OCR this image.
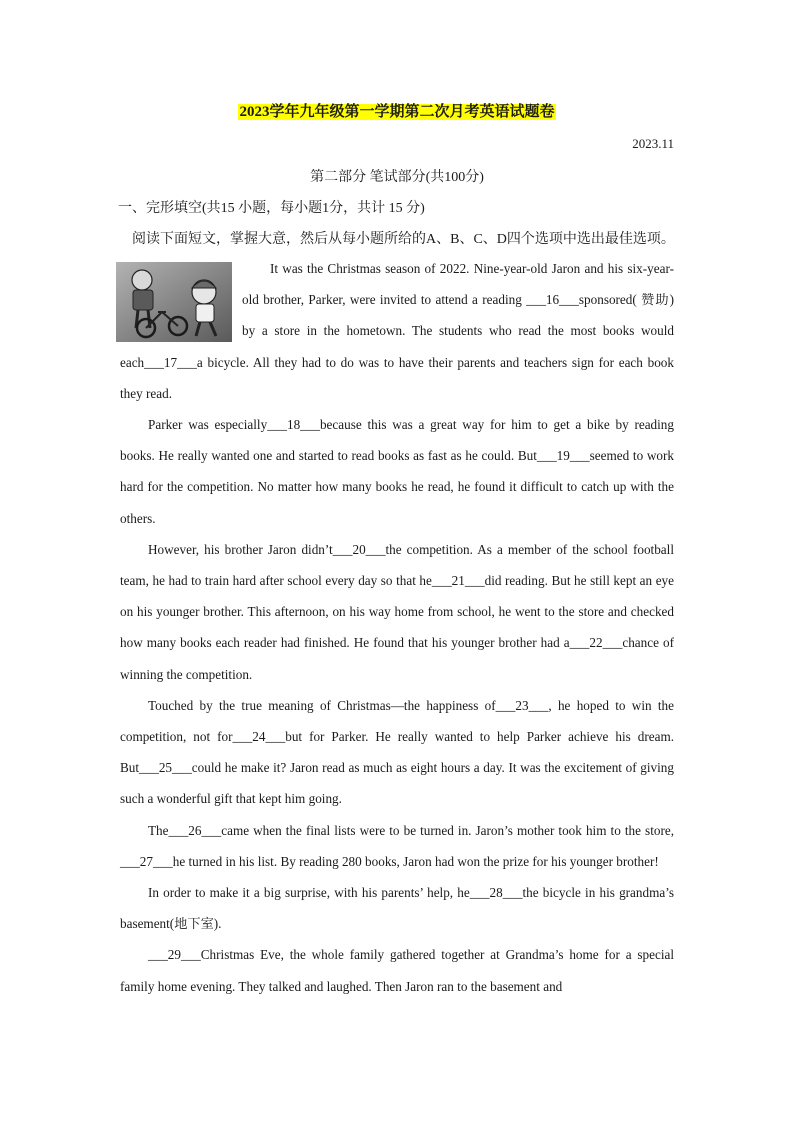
2023学年九年级第一学期第二次月考英语试题卷
2023.11
第二部分 笔试部分(共100分)
一、完形填空(共15 小题，每小题1分，共计 15 分)
阅读下面短文，掌握大意，然后从每小题所给的A、B、C、D四个选项中选出最佳选项。

It was the Christmas season of 2022. Nine-year-old Jaron and his six-year-old brother, Parker, were invited to attend a reading ___16___sponsored( 赞助) by a store in the hometown. The students who read the most books would each___17___a bicycle. All they had to do was to have their parents and teachers sign for each book they read.

Parker was especially___18___because this was a great way for him to get a bike by reading books. He really wanted one and started to read books as fast as he could. But___19___seemed to work hard for the competition. No matter how many books he read, he found it difficult to catch up with the others.

However, his brother Jaron didn’t___20___the competition. As a member of the school football team, he had to train hard after school every day so that he___21___did reading. But he still kept an eye on his younger brother. This afternoon, on his way home from school, he went to the store and checked how many books each reader had finished. He found that his younger brother had a___22___chance of winning the competition.

Touched by the true meaning of Christmas—the happiness of___23___, he hoped to win the competition, not for___24___but for Parker. He really wanted to help Parker achieve his dream. But___25___could he make it? Jaron read as much as eight hours a day. It was the excitement of giving such a wonderful gift that kept him going.

The___26___came when the final lists were to be turned in. Jaron’s mother took him to the store, ___27___he turned in his list. By reading 280 books, Jaron had won the prize for his younger brother!

In order to make it a big surprise, with his parents’ help, he___28___the bicycle in his grandma’s basement(地下室).

___29___Christmas Eve, the whole family gathered together at Grandma’s home for a special family home evening. They talked and laughed. Then Jaron ran to the basement and
